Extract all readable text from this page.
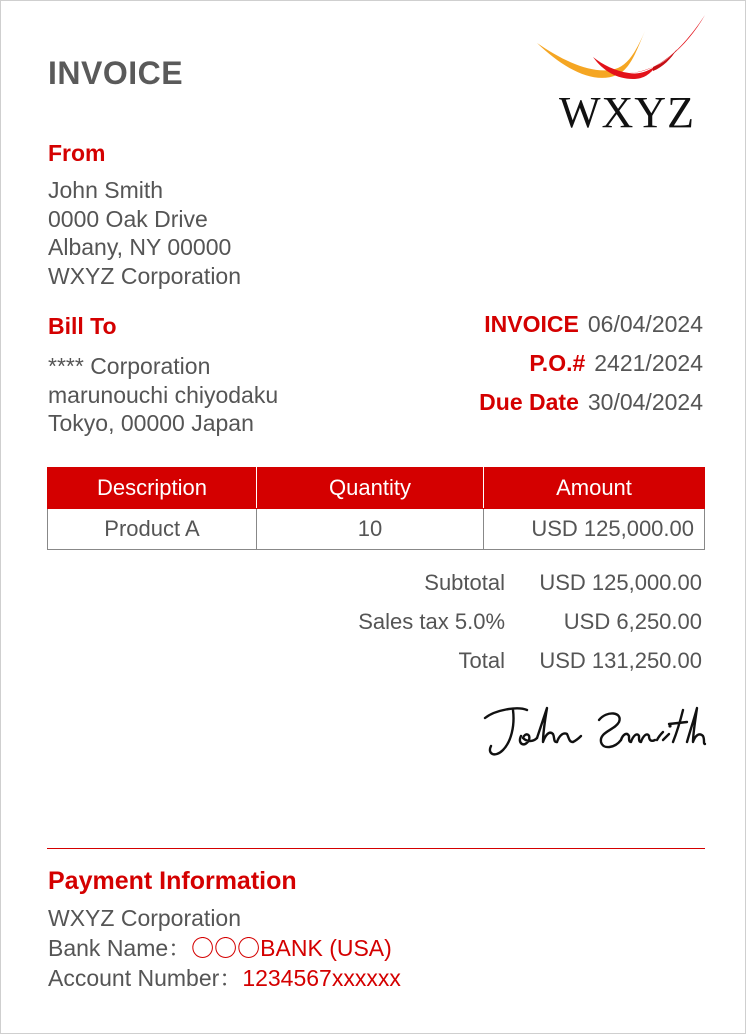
INVOICE
WXYZ
From
John Smith
0000 Oak Drive
Albany, NY 00000
WXYZ Corporation
Bill To
**** Corporation
marunouchi chiyodaku
Tokyo, 00000 Japan
INVOICE 06/04/2024
P.O.# 2421/2024
Due Date 30/04/2024
Description	Quantity	Amount
Product A	10	USD 125,000.00
Subtotal USD 125,000.00
Sales tax 5.0%	USD 6,250.00
Total USD 131,250.00
Payment Information
WXYZ Corporation
Bank Name：〇〇〇BANK (USA)
Account Number：1234567xxxxxx
